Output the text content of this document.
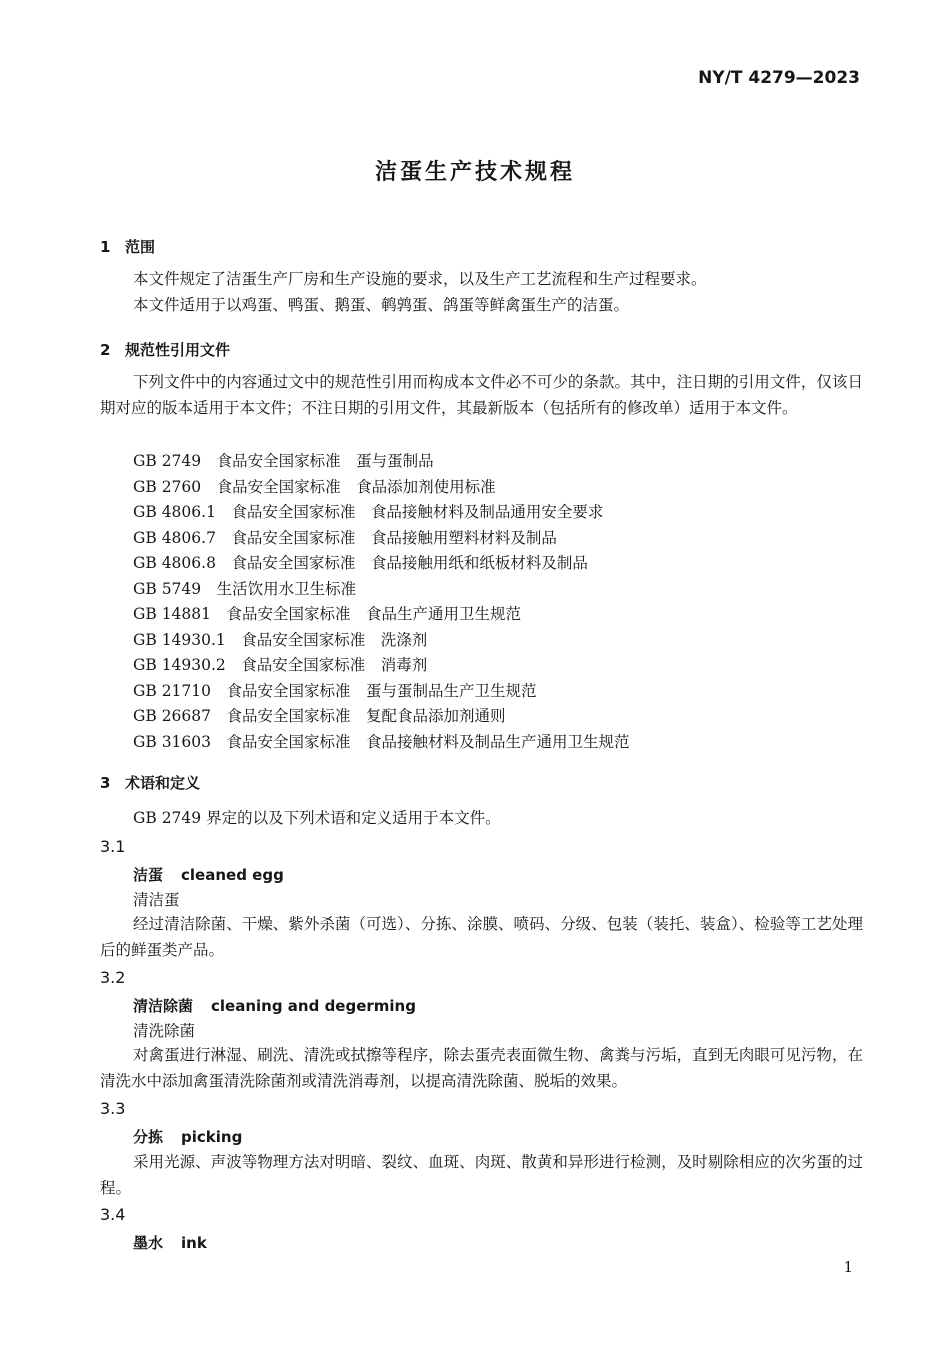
NY/T 4279—2023
洁蛋生产技术规程
1 范围
本文件规定了洁蛋生产厂房和生产设施的要求，以及生产工艺流程和生产过程要求。
本文件适用于以鸡蛋、鸭蛋、鹅蛋、鹌鹑蛋、鸽蛋等鲜禽蛋生产的洁蛋。
2 规范性引用文件
下列文件中的内容通过文中的规范性引用而构成本文件必不可少的条款。其中，注日期的引用文件，仅该日期对应的版本适用于本文件；不注日期的引用文件，其最新版本（包括所有的修改单）适用于本文件。
GB 2749　食品安全国家标准　蛋与蛋制品
GB 2760　食品安全国家标准　食品添加剂使用标准
GB 4806.1　食品安全国家标准　食品接触材料及制品通用安全要求
GB 4806.7　食品安全国家标准　食品接触用塑料材料及制品
GB 4806.8　食品安全国家标准　食品接触用纸和纸板材料及制品
GB 5749　生活饮用水卫生标准
GB 14881　食品安全国家标准　食品生产通用卫生规范
GB 14930.1　食品安全国家标准　洗涤剂
GB 14930.2　食品安全国家标准　消毒剂
GB 21710　食品安全国家标准　蛋与蛋制品生产卫生规范
GB 26687　食品安全国家标准　复配食品添加剂通则
GB 31603　食品安全国家标准　食品接触材料及制品生产通用卫生规范
3 术语和定义
GB 2749 界定的以及下列术语和定义适用于本文件。
3.1
洁蛋 cleaned egg
清洁蛋
经过清洁除菌、干燥、紫外杀菌（可选）、分拣、涂膜、喷码、分级、包装（装托、装盒）、检验等工艺处理后的鲜蛋类产品。
3.2
清洁除菌 cleaning and degerming
清洗除菌
对禽蛋进行淋湿、刷洗、清洗或拭擦等程序，除去蛋壳表面微生物、禽粪与污垢，直到无肉眼可见污物，在清洗水中添加禽蛋清洗除菌剂或清洗消毒剂，以提高清洗除菌、脱垢的效果。
3.3
分拣 picking
采用光源、声波等物理方法对明暗、裂纹、血斑、肉斑、散黄和异形进行检测，及时剔除相应的次劣蛋的过程。
3.4
墨水 ink
1
